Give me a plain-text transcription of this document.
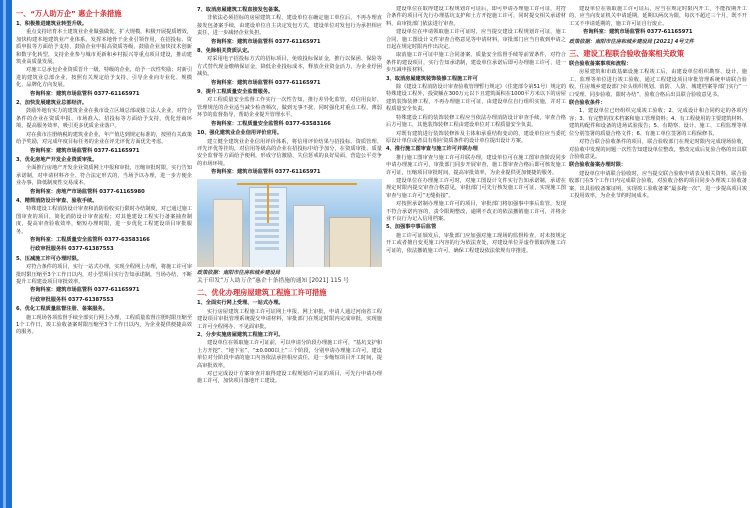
一、“万人助万企” 惠企十条措施
1、积极推进建筑业转型升级。
重点支持培育本土建筑业企业做强做优，扩大规模，积极开展提质增效，加快构建本地建筑业产业体系。发挥本地骨干企业引领作用，在招投标、资质申报等方面给予支持，鼓励企业申报高资质等级，鼓励企业加快技术创新和数字化转型，支持企业参与城市更新和乡村振兴等重点项目建设，推动建筑业高质量发展。
对施工总承包企业资质晋升一级、特级的企业，给予一次性奖励；对新引进的建筑业总部企业，按照有关规定给予支持，引导企业向专业化、规模化、品牌化方向发展。
咨询科室：建筑市场监管科 0377-61165971
2、加快发展建筑业总部经济。
鼓励外地有实力的建筑企业在我市设立区域总部或独立法人企业，对符合条件的企业在资质申报、市场准入、招投标等方面给予支持，优化营商环境，提高服务效率，吸引更多优质企业落户。
对在我市注册纳税的建筑业企业，年产值达到规定标准的，按照有关政策给予奖励，对完成年度目标任务的企业在评先评优方面优先考虑。
咨询科室：建筑市场监管科 0377-61165971
3、优化房地产开发企业资质审批。
全面推行房地产开发企业资质网上申报和审批，压缩审批时限，实行告知承诺制，对申请材料齐全、符合法定形式的，当场予以办理，进一步方便企业办事，降低制度性交易成本。
咨询科室：房地产市场监管科 0377-61165980
4、精简消防设计审查、验收手续。
特殊建设工程消防设计审查和消防验收实行限时办结制度，对已通过施工图审查的项目，简化消防设计审查流程；对其他建设工程实行备案抽查制度，提高审查验收效率，缩短办理时限，进一步优化工程建设项目审批服务。
咨询科室：工程质量安全监管科 0377-63583166
行政审批服务科 0377-61387553
5、压减施工许可办理时限。
对符合条件的项目，实行一站式办理，实现全程网上办理，将施工许可审批时限压缩至3个工作日以内，对小型项目实行告知承诺制，当场办结，不断提升工程建设项目审批效率。
咨询科室：建筑市场监管科 0377-61165971
行政审批服务科 0377-61387553
6、优化工程质量监督注册、备案服务。
施工现场各项监督手续全部实行网上办理，工程质量监督注册时限压缩至1个工作日，竣工验收备案时限压缩至3个工作日以内，为企业提供便捷高效的服务。
7、取消房屋建筑工程直接发包备案。
非依法必须招标的房屋建筑工程，建设单位在确定施工单位后，不再办理直接发包备案手续，由建设单位自主决定发包方式，建设单位对发包行为承担相应责任，进一步减轻企业负担。
咨询科室：建筑市场监管科 0377-61165971
8、免除相关资质认定。
对采用电子招投标方式的招标项目，免收投标保证金，推行以保函、保险等方式替代现金缴纳保证金，降低企业投标成本，释放企业资金活力，为企业纾困减负。
咨询科室：建筑市场监管科 0377-61165971
9、提升工程质量安全监督服务。
对工程质量安全监督工作实行一次性告知，推行差异化监管，对信用良好、管理规范的企业适当减少检查频次，做到无事不扰，同时强化对重点工程、薄弱环节的监督指导，帮助企业提升管理水平。
咨询科室：工程质量安全监管科 0377-63583166
10、强化建筑业企业信用评价应用。
建立健全建筑业企业信用评价体系，将信用评价结果与招投标、资质管理、评先评优等挂钩，对信用等级高的企业在招投标中给予加分，在资质审批、质量安全监督等方面给予便利，形成守信激励、失信惩戒的良好局面，营造公平竞争的市场环境。
咨询科室：建筑市场监管科 0377-61165971
政策依据：南阳市住房和城乡建设局
关于印发“万人助万企”惠企十条措施的通知 [2021] 115 号
二、优化办理房屋建筑工程施工许可措施
1、全面实行网上受理、一站式办理。
实行房屋建筑工程施工许可证网上申报、网上审批，申请人通过河南省工程建设项目审批管理系统提交申请材料，审批部门在规定时限内完成审批，实现施工许可全程网办、不见面审批。
2、分步实施房屋建筑工程施工许可。
建设单位在领取施工许可证前，可以申请分阶段办理施工许可，“基坑支护和土方开挖”、“地下室”、“±0.000以上”三个阶段，分别申请办理施工许可，建设单位对分阶段申请的施工内容依法承担相应责任，进一步缩短项目开工时间，提高审批效率。
对已完成设计方案审查并取得建设工程规划许可证的项目，可先行申请办理施工许可，加快项目落地开工建设。
建设单位在取得建设工程规划许可证后，即可申请办理施工许可证，对符合条件的项目可先行办理基坑支护和土方开挖施工许可，同时提交相关承诺材料，由审批部门依法进行审查。
建设单位在申请领取施工许可证时，应当提交建设工程规划许可证、施工合同、施工图设计文件审查合格意见等申请材料，审批部门应当自收到申请之日起在规定时限内作出决定。
取消施工许可证中施工合同备案、质量安全监督手续等前置条件，对符合条件的建设项目，实行告知承诺制，建设单位承诺后即可办理施工许可，进一步压减申报材料。
3、取消房屋建筑装饰装修工程施工许可
除《建设工程消防设计审查验收管理暂行规定》（住建部令第51号）规定的特殊建设工程外，投资额在300万元以下且建筑面积在1000平方米以下的房屋建筑装饰装修工程，不再办理施工许可证，由建设单位自行组织实施，并对工程质量安全负责。
特殊建设工程的装饰装修工程应当依法办理消防设计审查手续，审查合格后方可施工，其他装饰装修工程由建设单位对工程质量安全负责。
对既有建筑进行装饰装修涉及主体和承重结构变动的，建设单位应当委托原设计单位或者具有相应资质条件的设计单位提出设计方案。
4、推行施工图审查与施工许可并联办理
推行施工图审查与施工许可并联办理，建设单位可在施工图审查阶段同步申请办理施工许可，审批部门同步开展审查，施工图审查合格后即可核发施工许可证，压缩项目审批时间，提高审批效率，为企业提供更加便捷的服务。
建设单位在办理施工许可时，对施工图设计文件实行告知承诺制，承诺在规定时限内提交审查合格意见，审批部门可先行核发施工许可证，实现施工图审查与施工许可“无缝衔接”。
对按照承诺制办理施工许可的项目，审批部门将加强事中事后监管，发现不符合承诺内容的，责令限期整改，逾期不改正的依法撤销施工许可，并将企业不良行为记入信用档案。
5、加强事中事后监管
施工许可证颁发后，审批部门应加强对施工现场的监督检查，对未按规定开工或者擅自变更施工内容的行为依法查处，对建设单位弄虚作假取得施工许可证的，依法撤销施工许可，确保工程建设依法依规有序推进。
建设单位在领取施工许可证后，应当在规定时限内开工，不能按期开工的，应当向发证机关申请延期，延期以两次为限，每次不超过三个月，既不开工又不申请延期的，施工许可证自行废止。
咨询科室：建筑市场监管科 0377-61165971
政策依据：南阳市住房和城乡建设局 [2021] 4号文件
三、建设工程联合验收备案相关政策
联合验收备案事项和流程：
房屋建筑和市政基础设施工程竣工后，由建设单位组织勘察、设计、施工、监理等单位进行竣工验收，通过工程建设项目审批管理系统申请联合验收，住房城乡建设部门牵头组织规划、消防、人防、城建档案等部门实行“一口受理、同步验收、限时办结”，验收合格后出具联合验收意见书。
联合验收条件：
1、建设单位已经组织完成竣工验收；2、完成设计和合同约定的各项内容；3、有完整的技术档案和施工管理资料；4、有工程使用的主要建筑材料、建筑构配件和设备的进场试验报告；5、有勘察、设计、施工、工程监理等单位分别签署的质量合格文件；6、有施工单位签署的工程保修书。
对符合联合验收条件的项目，联合验收部门在规定时限内完成现场验收，对验收中发现的问题一次性告知建设单位整改，整改完成后复验合格的出具联合验收意见。
联合验收备案办理时限：
建设单位申请联合验收时，应当提交联合验收申请表及相关资料，联合验收部门在5个工作日内完成联合验收，对验收合格的项目同步办理竣工验收备案，出具验收备案证明，实现竣工验收备案“最多跑一次”，进一步提高项目竣工投用效率，为企业节约时间成本。
